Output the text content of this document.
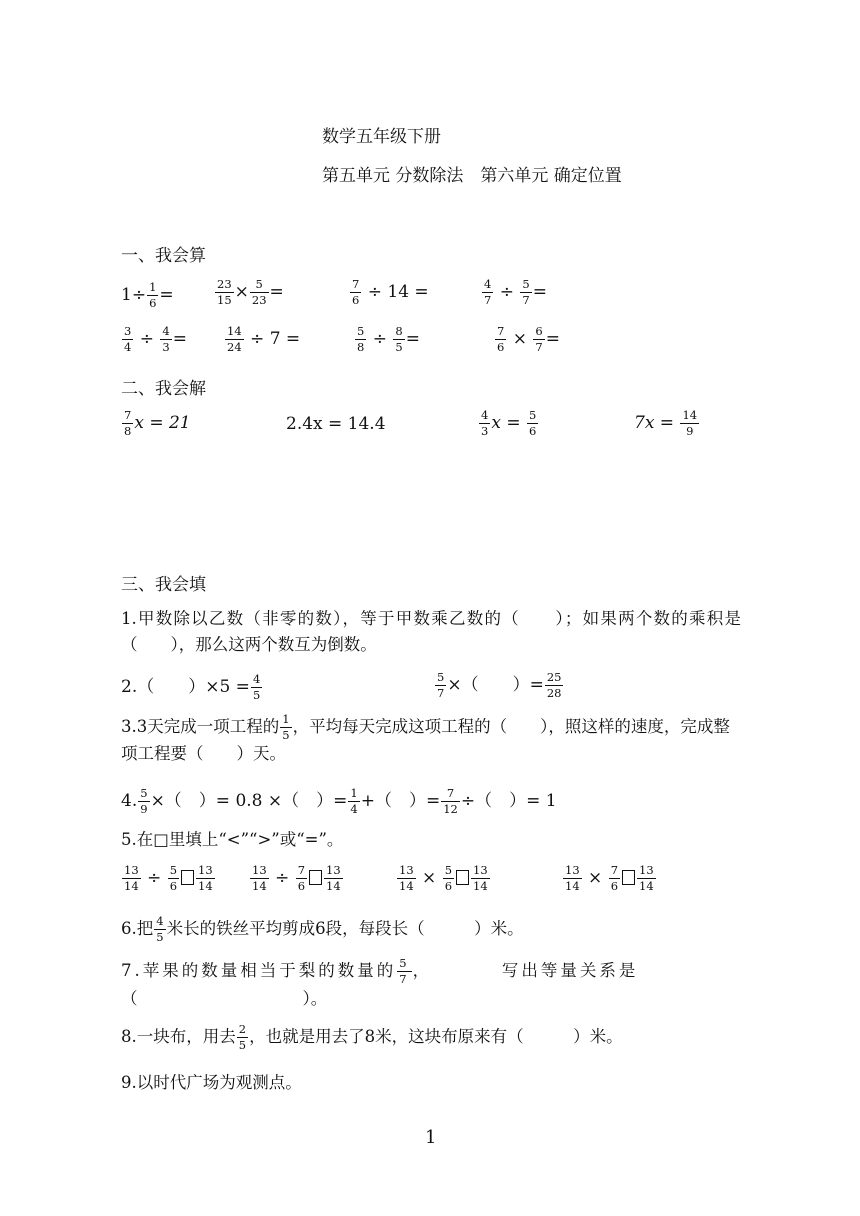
数学五年级下册
第五单元 分数除法　第六单元 确定位置
一、我会算
$1\div \frac{1}{6}$ =	$\frac{23}{15} \times \frac{5}{23}$ =	$\frac{7}{6} \div 14$ =	$\frac{4}{7} \div \frac{5}{7}$ =
$\frac{3}{4} \div \frac{4}{3}$ =	$\frac{14}{24} \div 7$ =	$\frac{5}{8} \div \frac{8}{5}$ =	$\frac{7}{6} \times \frac{6}{7}$ =
二、我会解
$\frac{7}{8}$ x = 21	2.4x = 14.4	$\frac{4}{3}$ $x = \frac{5}{6}$	$7x = \frac{14}{9}$
三、我会填
1.甲数除以乙数（非零的数），等于甲数乘乙数的（　　）；如果两个数的乘积是（　　），那么这两个数互为倒数。
2.（　　）$\times 5 = \frac{4}{5}$	$\frac{5}{7}$ ×（　　）= $\frac{25}{28}$
3.3天完成一项工程的 $\frac{1}{5}$ ，平均每天完成这项工程的（　　），照这样的速度，完成整项工程要（　　）天。
4. $\frac{5}{9}$ ×（　）= 0.8 ×（　）= $\frac{1}{4}$ +（　）= $\frac{7}{12}$ ÷（　）= 1
5.在□里填上“<”“>”或“=”。
$\frac{13}{14} \div \frac{5}{6} \frac{13}{14}$	$\frac{13}{14} \div \frac{7}{6} \frac{13}{14}$	$\frac{13}{14} \times \frac{5}{6} \frac{13}{14}$	$\frac{13}{14} \times \frac{7}{6} \frac{13}{14}$
6.把 $\frac{4}{5}$ 米长的铁丝平均剪成6段，每段长（　　　）米。
7.苹果的数量相当于梨的数量的 $\frac{5}{7}$ ，　　　　写出等量关系是
（　　　　　　　　　　）。
8.一块布，用去 $\frac{2}{5}$ ，也就是用去了8米，这块布原来有（　　　）米。
9.以时代广场为观测点。
1
